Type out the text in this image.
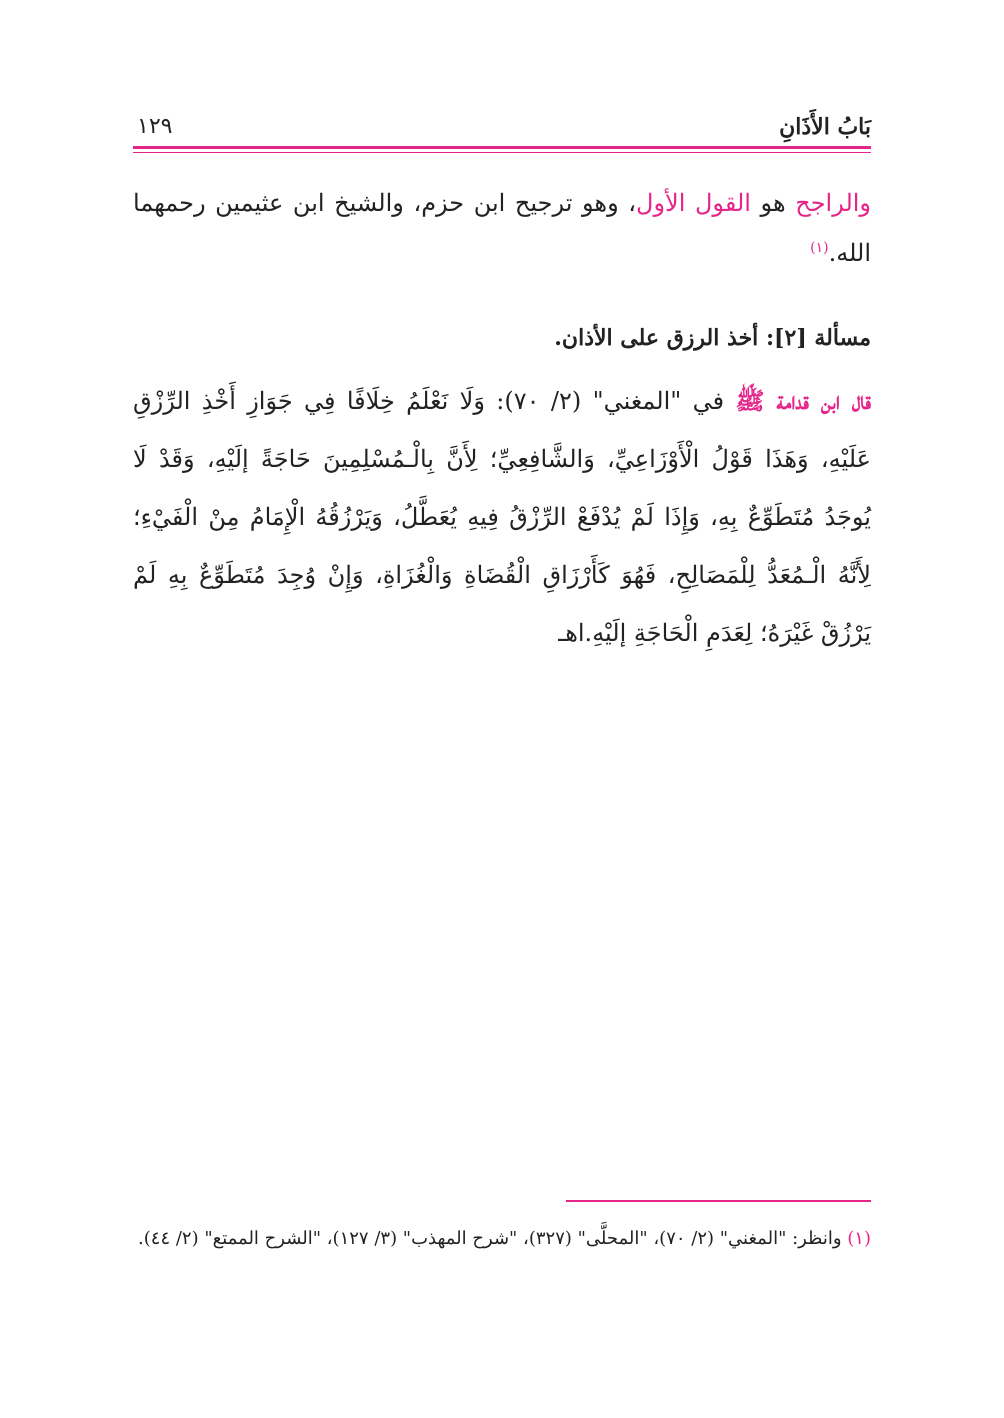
بَابُ الأَذَانِ
١٢٩
والراجح هو القول الأول، وهو ترجيح ابن حزم، والشيخ ابن عثيمين رحمهما الله.$^{(١)}$
مسألة [٢]: أخذ الرزق على الأذان.
قال ابن قدامة ﷺ في "المغني" (٢/ ٧٠): وَلَا نَعْلَمُ خِلَافًا فِي جَوَازِ أَخْذِ الرِّزْقِ عَلَيْهِ، وَهَذَا قَوْلُ الْأَوْزَاعِيِّ، وَالشَّافِعِيِّ؛ لِأَنَّ بِالْـمُسْلِمِينَ حَاجَةً إلَيْهِ، وَقَدْ لَا يُوجَدُ مُتَطَوِّعٌ بِهِ، وَإِذَا لَمْ يُدْفَعْ الرِّزْقُ فِيهِ يُعَطَّلُ، وَيَرْزُقُهُ الْإِمَامُ مِنْ الْفَيْءِ؛ لِأَنَّهُ الْـمُعَدُّ لِلْمَصَالِحِ، فَهُوَ كَأَرْزَاقِ الْقُضَاةِ وَالْغُزَاةِ، وَإِنْ وُجِدَ مُتَطَوِّعٌ بِهِ لَمْ يَرْزُقْ غَيْرَهُ؛ لِعَدَمِ الْحَاجَةِ إلَيْهِ.اهـ
(١) وانظر: "المغني" (٢/ ٧٠)، "المحلَّى" (٣٢٧)، "شرح المهذب" (٣/ ١٢٧)، "الشرح الممتع" (٢/ ٤٤).
